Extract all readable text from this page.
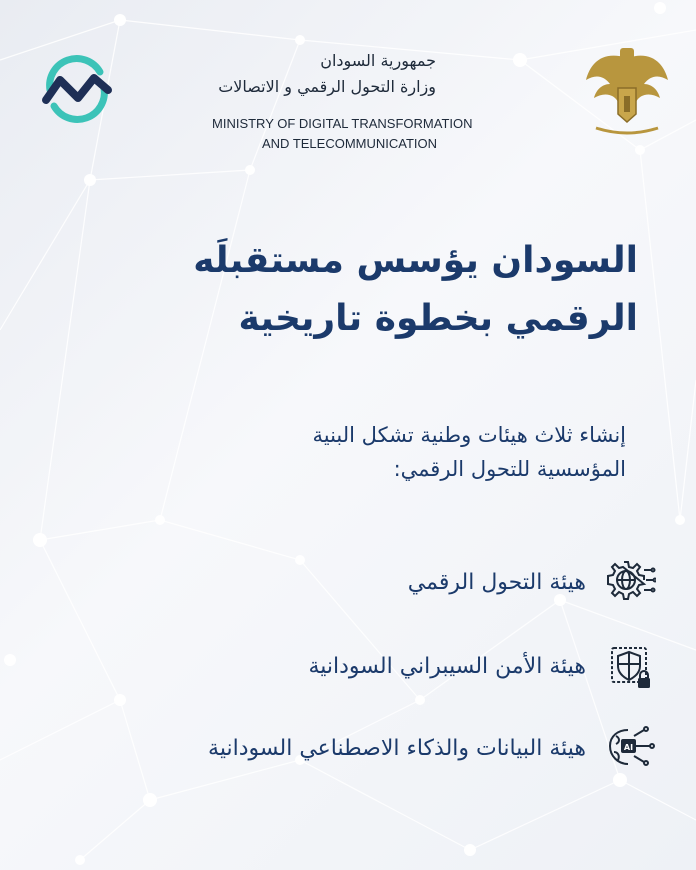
جمهورية السودان
وزارة التحول الرقمي و الاتصالات
MINISTRY OF DIGITAL TRANSFORMATION
AND TELECOMMUNICATION
السودان يؤسس مستقبلَه
الرقمي بخطوة تاريخية
إنشاء ثلاث هيئات وطنية تشكل البنية
المؤسسية للتحول الرقمي:
هيئة التحول الرقمي
هيئة الأمن السيبراني السودانية
AI
هيئة البيانات والذكاء الاصطناعي السودانية
